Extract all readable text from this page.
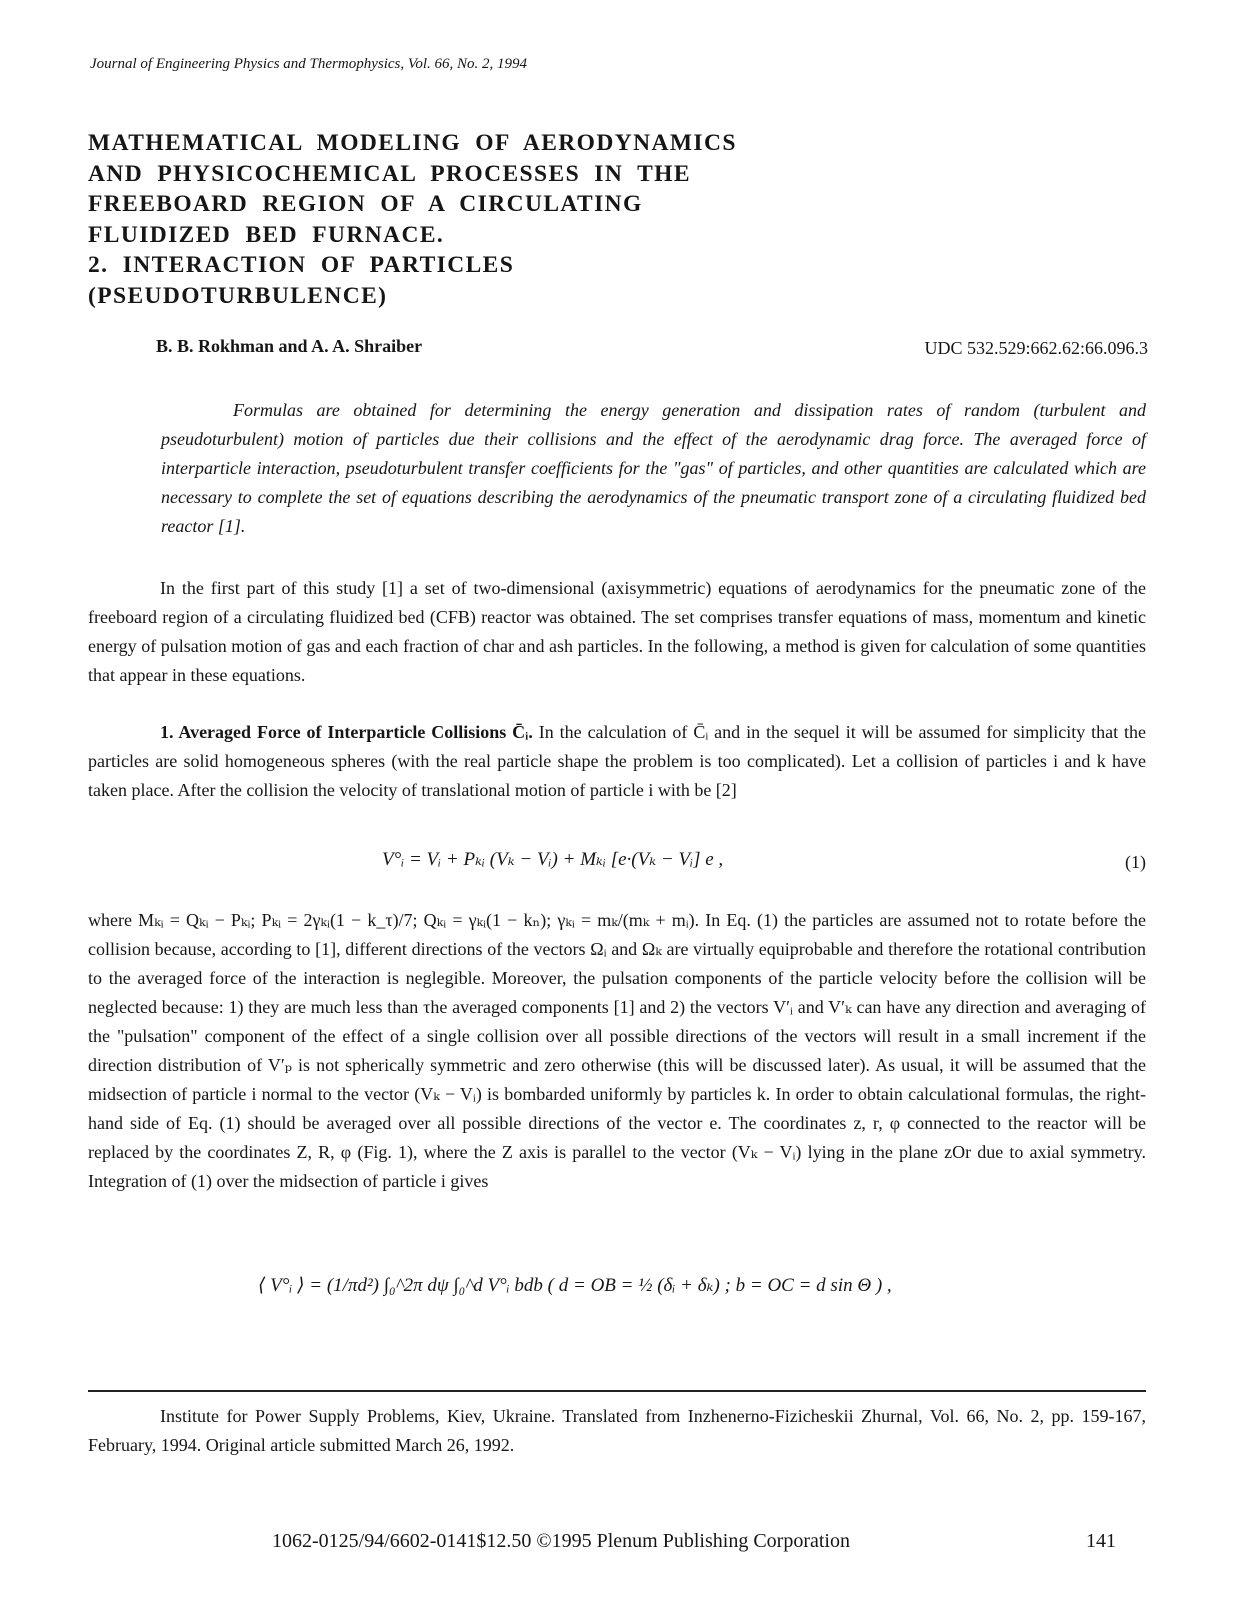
Journal of Engineering Physics and Thermophysics, Vol. 66, No. 2, 1994
MATHEMATICAL MODELING OF AERODYNAMICS
AND PHYSICOCHEMICAL PROCESSES IN THE
FREEBOARD REGION OF A CIRCULATING
FLUIDIZED BED FURNACE.
2. INTERACTION OF PARTICLES
(PSEUDOTURBULENCE)
B. B. Rokhman and A. A. Shraiber	UDC 532.529:662.62:66.096.3
Formulas are obtained for determining the energy generation and dissipation rates of random (turbulent and pseudoturbulent) motion of particles due their collisions and the effect of the aerodynamic drag force. The averaged force of interparticle interaction, pseudoturbulent transfer coefficients for the "gas" of particles, and other quantities are calculated which are necessary to complete the set of equations describing the aerodynamics of the pneumatic transport zone of a circulating fluidized bed reactor [1].
In the first part of this study [1] a set of two-dimensional (axisymmetric) equations of aerodynamics for the pneumatic zone of the freeboard region of a circulating fluidized bed (CFB) reactor was obtained. The set comprises transfer equations of mass, momentum and kinetic energy of pulsation motion of gas and each fraction of char and ash particles. In the following, a method is given for calculation of some quantities that appear in these equations.
1. Averaged Force of Interparticle Collisions C̄ᵢ. In the calculation of C̄ᵢ and in the sequel it will be assumed for simplicity that the particles are solid homogeneous spheres (with the real particle shape the problem is too complicated). Let a collision of particles i and k have taken place. After the collision the velocity of translational motion of particle i with be [2]
V°ᵢ = Vᵢ + Pₖᵢ (Vₖ − Vᵢ) + Mₖᵢ [e·(Vₖ − Vᵢ] e ,	(1)
where Mₖᵢ = Qₖᵢ − Pₖᵢ; Pₖᵢ = 2γₖᵢ(1 − k_τ)/7; Qₖᵢ = γₖᵢ(1 − kₙ); γₖᵢ = mₖ/(mₖ + mᵢ). In Eq. (1) the particles are assumed not to rotate before the collision because, according to [1], different directions of the vectors Ωᵢ and Ωₖ are virtually equiprobable and therefore the rotational contribution to the averaged force of the interaction is neglegible. Moreover, the pulsation components of the particle velocity before the collision will be neglected because: 1) they are much less than τhe averaged components [1] and 2) the vectors V′ᵢ and V′ₖ can have any direction and averaging of the "pulsation" component of the effect of a single collision over all possible directions of the vectors will result in a small increment if the direction distribution of V′ₚ is not spherically symmetric and zero otherwise (this will be discussed later). As usual, it will be assumed that the midsection of particle i normal to the vector (Vₖ − Vᵢ) is bombarded uniformly by particles k. In order to obtain calculational formulas, the right-hand side of Eq. (1) should be averaged over all possible directions of the vector e. The coordinates z, r, φ connected to the reactor will be replaced by the coordinates Z, R, φ (Fig. 1), where the Z axis is parallel to the vector (Vₖ − Vᵢ) lying in the plane zOr due to axial symmetry. Integration of (1) over the midsection of particle i gives
⟨ V°ᵢ ⟩ = (1/πd²) ∫₀^2π dψ ∫₀^d V°ᵢ bdb ( d = OB = ½ (δᵢ + δₖ) ; b = OC = d sin Θ ) ,
Institute for Power Supply Problems, Kiev, Ukraine. Translated from Inzhenerno-Fizicheskii Zhurnal, Vol. 66, No. 2, pp. 159-167, February, 1994. Original article submitted March 26, 1992.
1062-0125/94/6602-0141$12.50 ©1995 Plenum Publishing Corporation	141
